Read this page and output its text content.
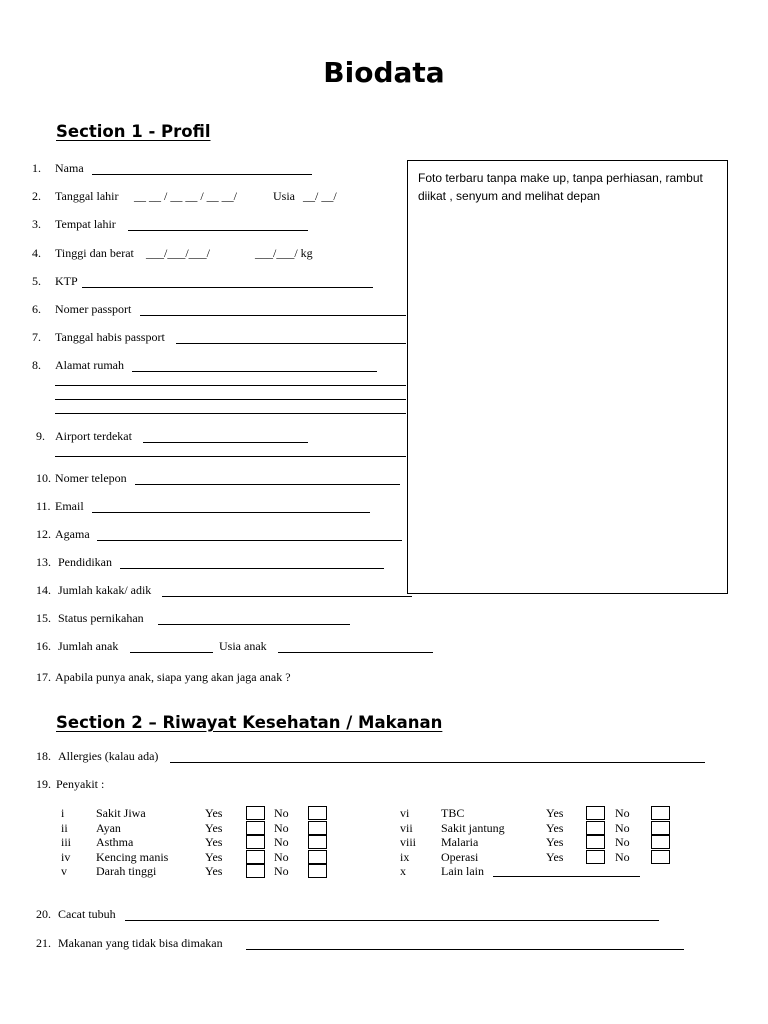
Biodata
Section 1 - Profil
Foto terbaru tanpa make up, tanpa perhiasan, rambut diikat , senyum and melihat depan
1. Nama
2. Tanggal lahir __ __ / __ __ / __ __/	Usia __/ __/
3. Tempat lahir
4. Tinggi dan berat ___/___/___/	___/___/ kg
5. KTP
6. Nomer passport
7. Tanggal habis passport
8. Alamat rumah
9. Airport terdekat
10. Nomer telepon
11. Email
12. Agama
13. Pendidikan
14. Jumlah kakak/ adik
15. Status pernikahan
16. Jumlah anak	Usia anak
17. Apabila punya anak, siapa yang akan jaga anak ?
Section 2 – Riwayat Kesehatan / Makanan
18. Allergies (kalau ada)
19. Penyakit :
i	Sakit Jiwa	Yes	No
ii Ayan	Yes	No
iii Asthma	Yes	No
iv Kencing manis	Yes	No
v Darah tinggi	Yes	No
vi	TBC	Yes	No
vii Sakit jantung	Yes	No
viii Malaria	Yes	No
ix	Operasi	Yes	No
x	Lain lain
20. Cacat tubuh
21. Makanan yang tidak bisa dimakan
